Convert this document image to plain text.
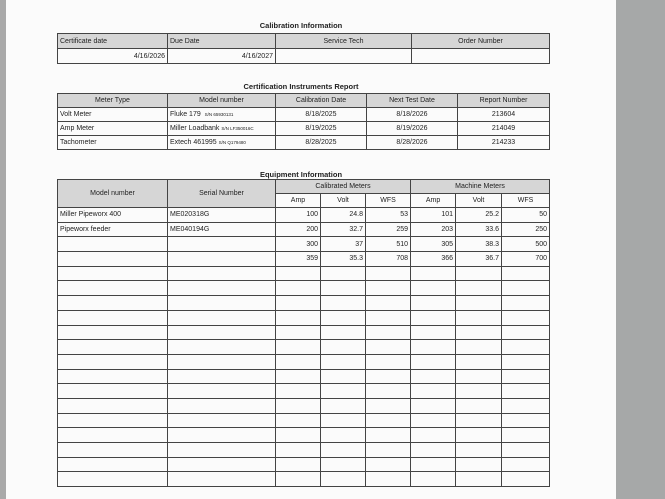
Calibration Information
Certificate date	Due Date	Service Tech	Order Number
4/16/2026	4/16/2027		
Certification Instruments Report
Meter Type	Model number	Calibration Date	Next Test Date	Report Number
Volt Meter	Fluke 179 S/N 65930131	8/18/2025	8/18/2026	213604
Amp Meter	Miller Loadbank S/N LF350016C	8/19/2025	8/19/2026	214049
Tachometer	Extech 461995 S/N Q179480	8/28/2025	8/28/2026	214233
Equipment Information
Model number	Serial Number	Calibrated Meters			Machine Meters		
		Amp	Volt	WFS	Amp	Volt	WFS
Miller Pipeworx 400	ME020318G	100	24.8	53	101	25.2	50
Pipeworx feeder	ME040194G	200	32.7	259	203	33.6	250
		300	37	510	305	38.3	500
		359	35.3	708	366	36.7	700
